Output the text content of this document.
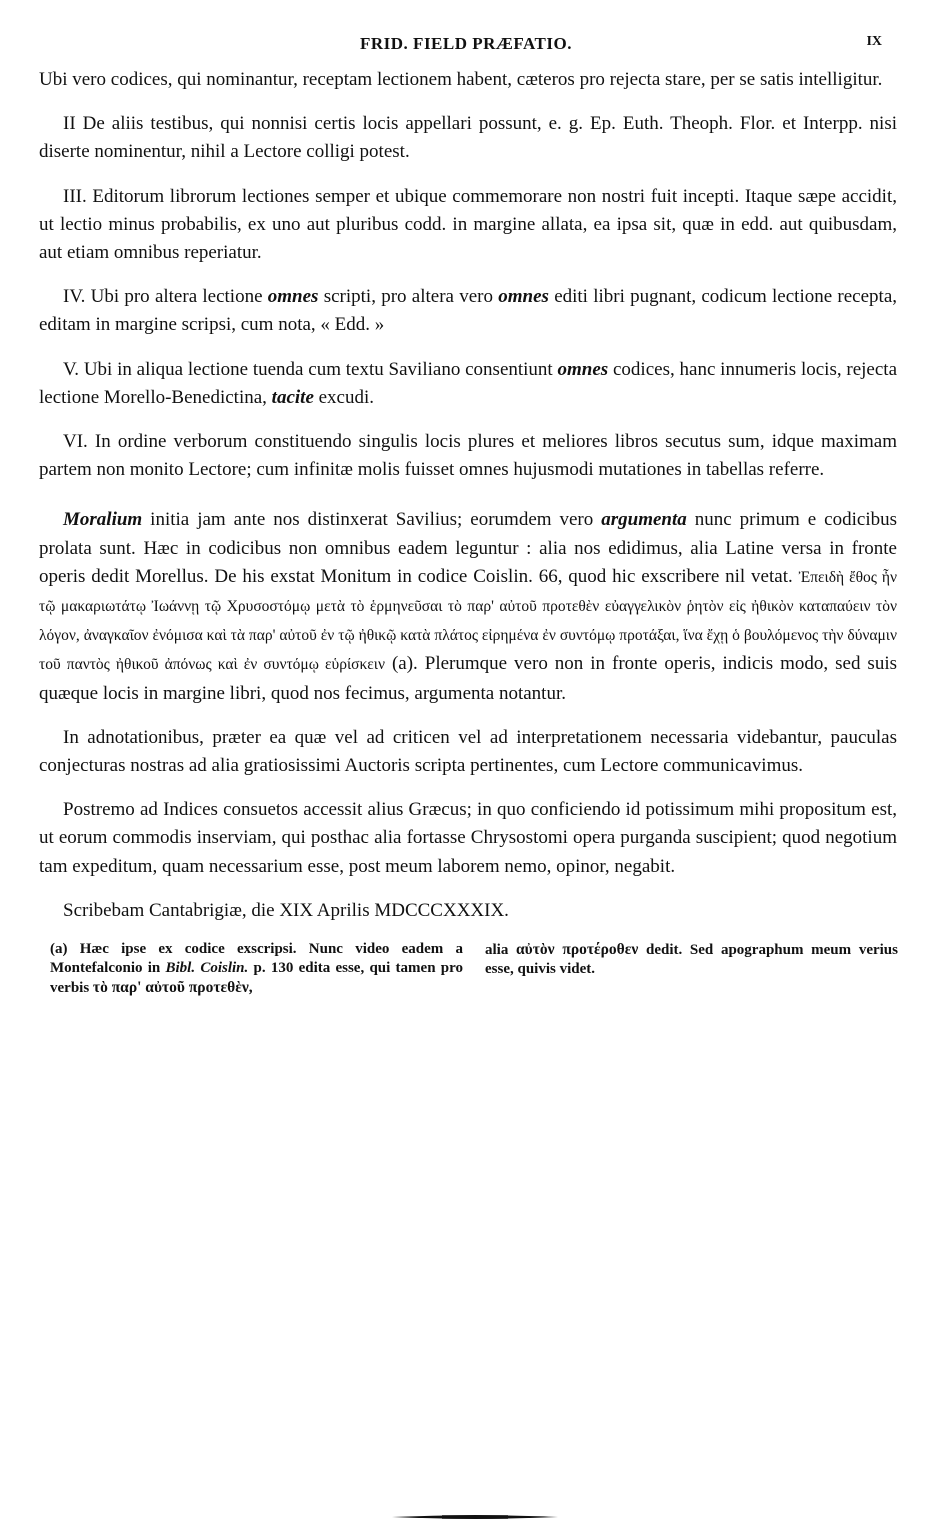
FRID. FIELD PRÆFATIO.	IX

Ubi vero codices, qui nominantur, receptam lectionem habent, cæteros pro rejecta stare, per se satis intelligitur.

II De aliis testibus, qui nonnisi certis locis appellari possunt, e. g. Ep. Euth. Theoph. Flor. et Interpp. nisi diserte nominentur, nihil a Lectore colligi potest.

III. Editorum librorum lectiones semper et ubique commemorare non nostri fuit incepti. Itaque sæpe accidit, ut lectio minus probabilis, ex uno aut pluribus codd. in margine allata, ea ipsa sit, quæ in edd. aut quibusdam, aut etiam omnibus reperiatur.

IV. Ubi pro altera lectione omnes scripti, pro altera vero omnes editi libri pugnant, codicum lectione recepta, editam in margine scripsi, cum nota, « Edd. »

V. Ubi in aliqua lectione tuenda cum textu Saviliano consentiunt omnes codices, hanc innumeris locis, rejecta lectione Morello-Benedictina, tacite excudi.

VI. In ordine verborum constituendo singulis locis plures et meliores libros secutus sum, idque maximam partem non monito Lectore; cum infinitæ molis fuisset omnes hujusmodi mutationes in tabellas referre.

Moralium initia jam ante nos distinxerat Savilius; eorumdem vero argumenta nunc primum e codicibus prolata sunt. Hæc in codicibus non omnibus eadem leguntur : alia nos edidimus, alia Latine versa in fronte operis dedit Morellus. De his exstat Monitum in codice Coislin. 66, quod hic exscribere nil vetat. Ἐπειδὴ ἔθος ἦν τῷ μακαριωτάτῳ Ἰωάννῃ τῷ Χρυσοστόμῳ μετὰ τὸ ἑρμηνεῦσαι τὸ παρ' αὐτοῦ προτεθὲν εὐαγγελικὸν ῥητὸν εἰς ἠθικὸν καταπαύειν τὸν λόγον, ἀναγκαῖον ἐνόμισα καὶ τὰ παρ' αὐτοῦ ἐν τῷ ἠθικῷ κατὰ πλάτος εἰρημένα ἐν συντόμῳ προτάξαι, ἵνα ἔχῃ ὁ βουλόμενος τὴν δύναμιν τοῦ παντὸς ἠθικοῦ ἀπόνως καὶ ἐν συντόμῳ εὑρίσκειν (a). Plerumque vero non in fronte operis, indicis modo, sed suis quæque locis in margine libri, quod nos fecimus, argumenta notantur.

In adnotationibus, præter ea quæ vel ad criticen vel ad interpretationem necessaria videbantur, pauculas conjecturas nostras ad alia gratiosissimi Auctoris scripta pertinentes, cum Lectore communicavimus.

Postremo ad Indices consuetos accessit alius Græcus; in quo conficiendo id potissimum mihi propositum est, ut eorum commodis inserviam, qui posthac alia fortasse Chrysostomi opera purganda suscipient; quod negotium tam expeditum, quam necessarium esse, post meum laborem nemo, opinor, negabit.

Scribebam Cantabrigiæ, die XIX Aprilis MDCCCXXXIX.

(a) Hæc ipse ex codice exscripsi. Nunc video eadem a Montefalconio in Bibl. Coislin. p. 130 edita esse, qui tamen pro verbis τὸ παρ' αὐτοῦ προτεθὲν,

alia αὐτὸν προτέροθεν dedit. Sed apographum meum verius esse, quivis videt.
